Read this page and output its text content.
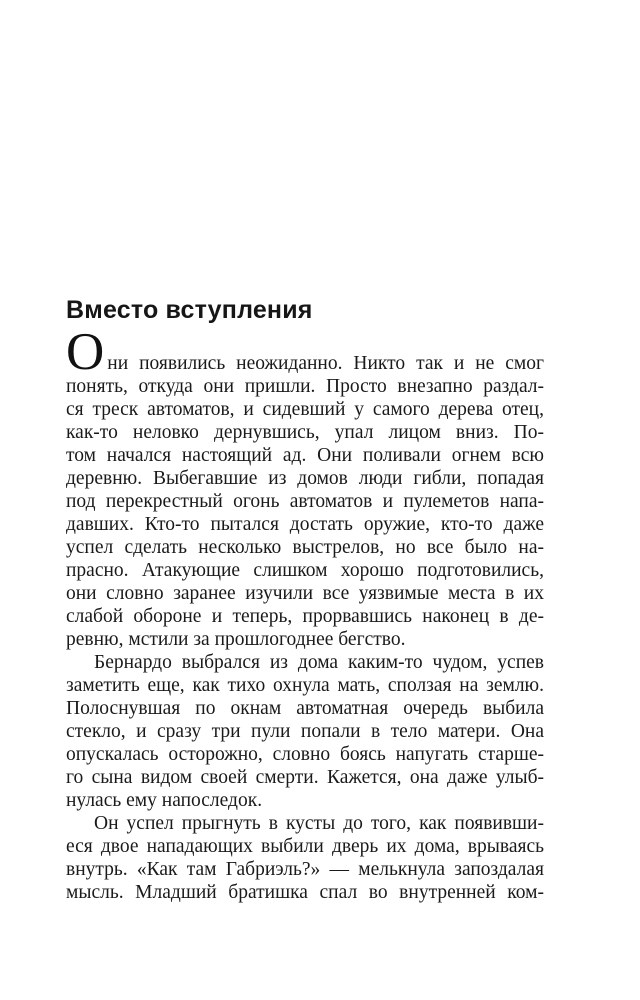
Вместо вступления
Они появились неожиданно. Никто так и не смог
понять, откуда они пришли. Просто внезапно раздал-
ся треск автоматов, и сидевший у самого дерева отец,
как-то неловко дернувшись, упал лицом вниз. По-
том начался настоящий ад. Они поливали огнем всю
деревню. Выбегавшие из домов люди гибли, попадая
под перекрестный огонь автоматов и пулеметов напа-
давших. Кто-то пытался достать оружие, кто-то даже
успел сделать несколько выстрелов, но все было на-
прасно. Атакующие слишком хорошо подготовились,
они словно заранее изучили все уязвимые места в их
слабой обороне и теперь, прорвавшись наконец в де-
ревню, мстили за прошлогоднее бегство.
Бернардо выбрался из дома каким-то чудом, успев
заметить еще, как тихо охнула мать, сползая на землю.
Полоснувшая по окнам автоматная очередь выбила
стекло, и сразу три пули попали в тело матери. Она
опускалась осторожно, словно боясь напугать старше-
го сына видом своей смерти. Кажется, она даже улыб-
нулась ему напоследок.
Он успел прыгнуть в кусты до того, как появивши-
еся двое нападающих выбили дверь их дома, врываясь
внутрь. «Как там Габриэль?» — мелькнула запоздалая
мысль. Младший братишка спал во внутренней ком-
